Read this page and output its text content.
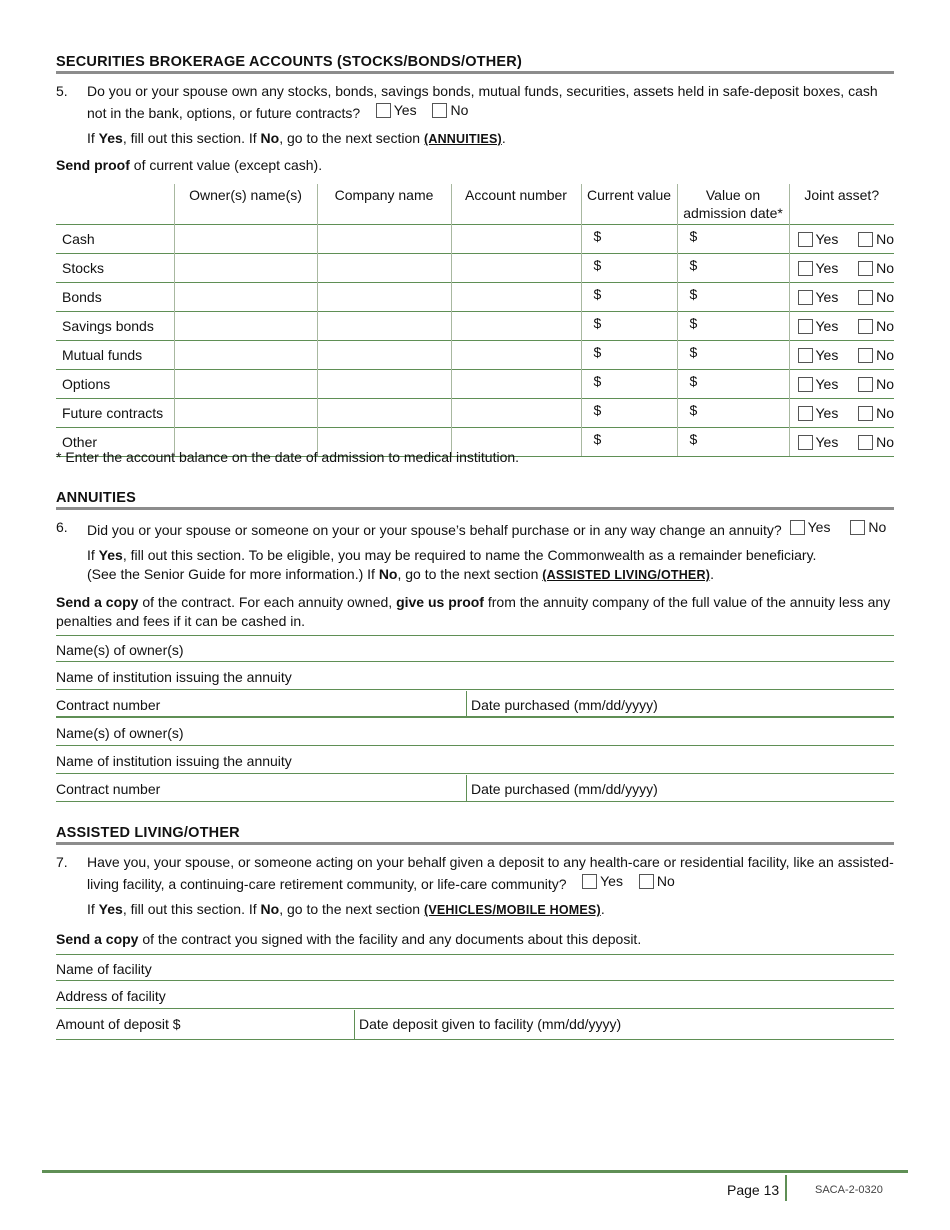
SECURITIES BROKERAGE ACCOUNTS (STOCKS/BONDS/OTHER)
5. Do you or your spouse own any stocks, bonds, savings bonds, mutual funds, securities, assets held in safe-deposit boxes, cash not in the bank, options, or future contracts? Yes
No
If Yes, fill out this section. If No, go to the next section (ANNUITIES).
Send proof of current value (except cash).
	Owner(s) name(s)	Company name	Account number	Current value	Value on admission date*	Joint asset?
Cash				$	$	Yes No

Stocks				$	$	Yes No

Bonds				$	$	Yes No

Savings bonds				$	$	Yes No

Mutual funds				$	$	Yes No

Options				$	$	Yes No

Future contracts				$	$	Yes No

Other				$	$	Yes No
* Enter the account balance on the date of admission to medical institution.
ANNUITIES
6. Did you or your spouse or someone on your or your spouse’s behalf purchase or in any way change an annuity? Yes
	No
If Yes, fill out this section. To be eligible, you may be required to name the Commonwealth as a remainder beneficiary.
(See the Senior Guide for more information.) If No, go to the next section (ASSISTED LIVING/OTHER).
Send a copy of the contract. For each annuity owned, give us proof from the annuity company of the full value of the annuity less any penalties and fees if it can be cashed in.
Name(s) of owner(s)
Name of institution issuing the annuity
Contract number	Date purchased (mm/dd/yyyy)
Name(s) of owner(s)
Name of institution issuing the annuity
Contract number	Date purchased (mm/dd/yyyy)
ASSISTED LIVING/OTHER
7. Have you, your spouse, or someone acting on your behalf given a deposit to any health-care or residential facility, like an assisted-living facility, a continuing-care retirement community, or life-care community? Yes
No
If Yes, fill out this section. If No, go to the next section (VEHICLES/MOBILE HOMES).
Send a copy of the contract you signed with the facility and any documents about this deposit.
Name of facility
Address of facility
Amount of deposit $	Date deposit given to facility (mm/dd/yyyy)
Page 13	SACA-2-0320
